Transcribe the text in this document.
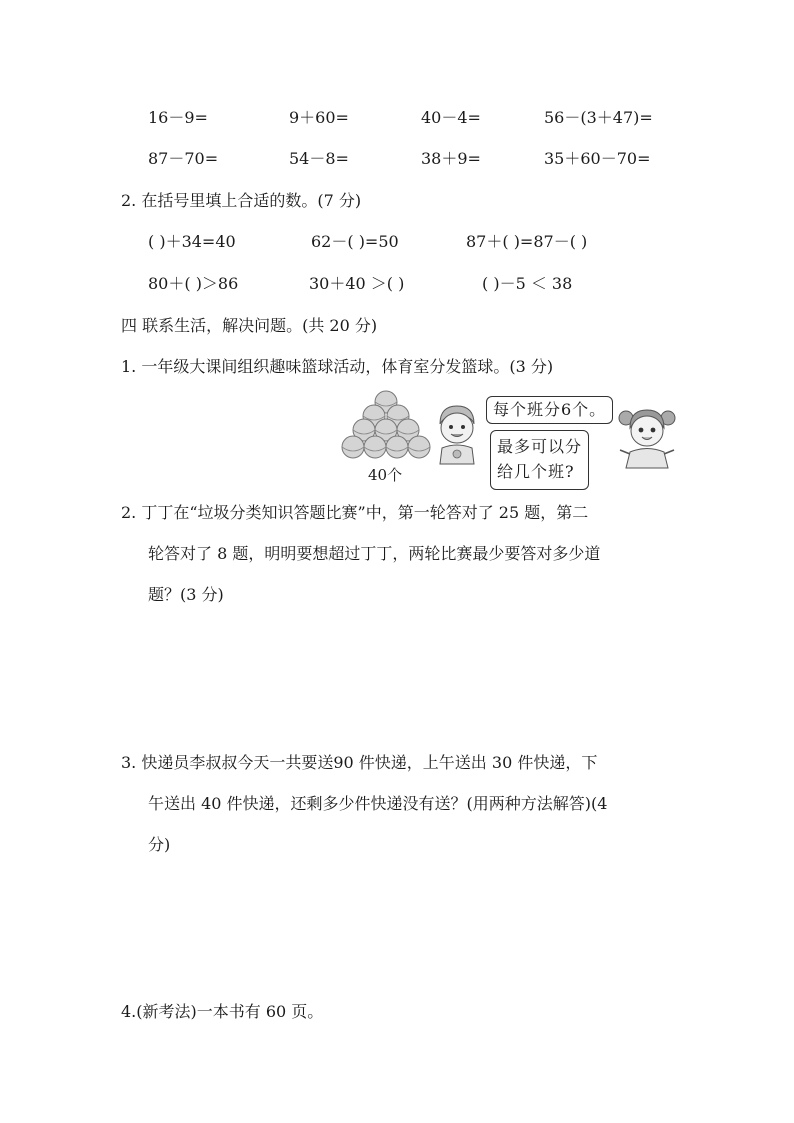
16－9=	9＋60=	40－4=	56－(3＋47)=
87－70=	54－8=	38＋9=	35＋60－70=
2. 在括号里填上合适的数。(7 分)
( )＋34=40	62－( )=50	87＋( )=87－( )
80＋( )＞86	30＋40 ＞( )	( )－5 ＜ 38
四 联系生活，解决问题。(共 20 分)
1. 一年级大课间组织趣味篮球活动，体育室分发篮球。(3 分)
40个
每个班分6个。
最多可以分
给几个班?
2. 丁丁在“垃圾分类知识答题比赛”中，第一轮答对了 25 题，第二
轮答对了 8 题，明明要想超过丁丁，两轮比赛最少要答对多少道
题？(3 分)
3. 快递员李叔叔今天一共要送90 件快递，上午送出 30 件快递，下
午送出 40 件快递，还剩多少件快递没有送？(用两种方法解答)(4
分)
4.(新考法)一本书有 60 页。
